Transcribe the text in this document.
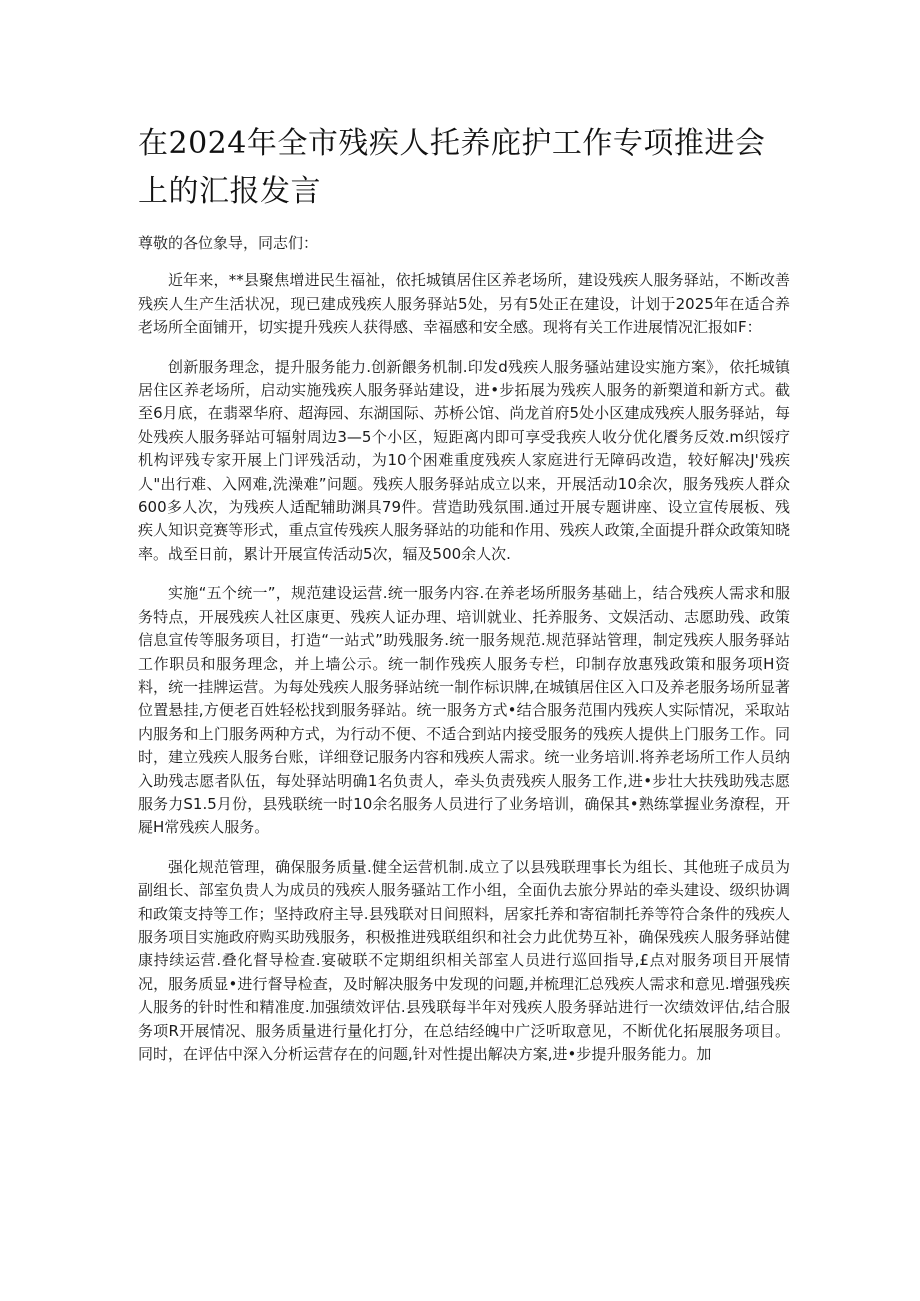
在2024年全市残疾人托养庇护工作专项推进会上的汇报发言

尊敬的各位象导，同志们：

近年来，**县聚焦增进民生福祉，依托城镇居住区养老场所，建设残疾人服务驿站，不断改善残疾人生产生活状况，现已建成残疾人服务驿站5处，另有5处正在建设，计划于2025年在适合养老场所全面铺开，切实提升残疾人获得感、幸福感和安全感。现将有关工作进展情况汇报如F：

创新服务理念，提升服务能力.创新餵务机制.印发d残疾人服务骚站建设实施方案》，依托城镇居住区养老场所，启动实施残疾人服务驿站建设，进•步拓展为残疾人服务的新槊道和新方式。截至6月底，在翡翠华府、超海园、东湖国际、苏桥公馆、尚龙首府5处小区建成残疾人服务驿站，每处残疾人服务驿站可辐射周边3—5个小区，短距离内即可享受我疾人收分优化餍务反效.m织馁疗机构评残专家开展上门评残活动，为10个困难重度残疾人家庭进行无障码改造，较好解决J'残疾人"出行难、入网难,洗澡难”问题。残疾人服务驿站成立以来，开展活动10余次，服务残疾人群众600多人次，为残疾人适配辅助渊具79件。营造助残氛围.通过开展专题讲座、设立宣传展板、残疾人知识竞赛等形式，重点宣传残疾人服务驿站的功能和作用、残疾人政策,全面提升群众政策知晓率。战至日前，累计开展宣传活动5次，辐及500余人次.

实施“五个统一”，规范建设运营.统一服务内容.在养老场所服务基础上，结合残疾人需求和服务特点，开展残疾人社区康更、残疾人证办理、培训就业、托养服务、文娱活动、志愿助残、政策信息宣传等服务项目，打造“一站式”助残服务.统一服务规范.规范驿站管理，制定残疾人服务驿站工作职员和服务理念，并上墙公示。统一制作残疾人服务专栏，印制存放惠残政策和服务项H资料，统一挂牌运营。为每处残疾人服务驿站统一制作标识牌,在城镇居住区入口及养老服务场所显著位置悬挂,方便老百姓轻松找到服务驿站。统一服务方式•结合服务范围内残疾人实际情况，采取站内服务和上门服务两种方式，为行动不便、不适合到站内接受服务的残疾人提供上门服务工作。同时，建立残疾人服务台账，详细登记服务内容和残疾人需求。统一业务培训.将养老场所工作人员纳入助残志愿者队伍，每处驿站明确1名负责人，牵头负责残疾人服务工作,进•步壮大扶残助残志愿服务力S1.5月份，县残联统一时10余名服务人员进行了业务培训，确保其•熟练掌握业务潦程，开屣H常残疾人服务。

强化规范管理，确保服务质量.健全运营机制.成立了以县残联理事长为组长、其他班子成员为副组长、部室负贵人为成员的残疾人服务骚站工作小组，全面仇去旅分界站的牵头建设、级织协调和政策支持等工作；坚持政府主导.县残联对日间照料，居家托养和寄宿制托养等符合条件的残疾人服务项目实施政府购买助残服务，积极推进残联组织和社会力此优势互补，确保残疾人服务驿站健康持续运营.叠化督导检查.宴破联不定期组织相关部室人员进行巡回指导,£点对服务项目开展情况，服务质显•进行督导检查，及时解决服务中发现的问题,并梳理汇总残疾人需求和意见.增强残疾人服务的针时性和精准度.加强绩效评估.县残联每半年对残疾人股务驿站进行一次绩效评估,结合服务项R开展情况、服务质量进行量化打分，在总结经魄中广泛听取意见，不断优化拓展服务项目。同时，在评估中深入分析运营存在的问题,针对性提出解决方案,进•步提升服务能力。加
